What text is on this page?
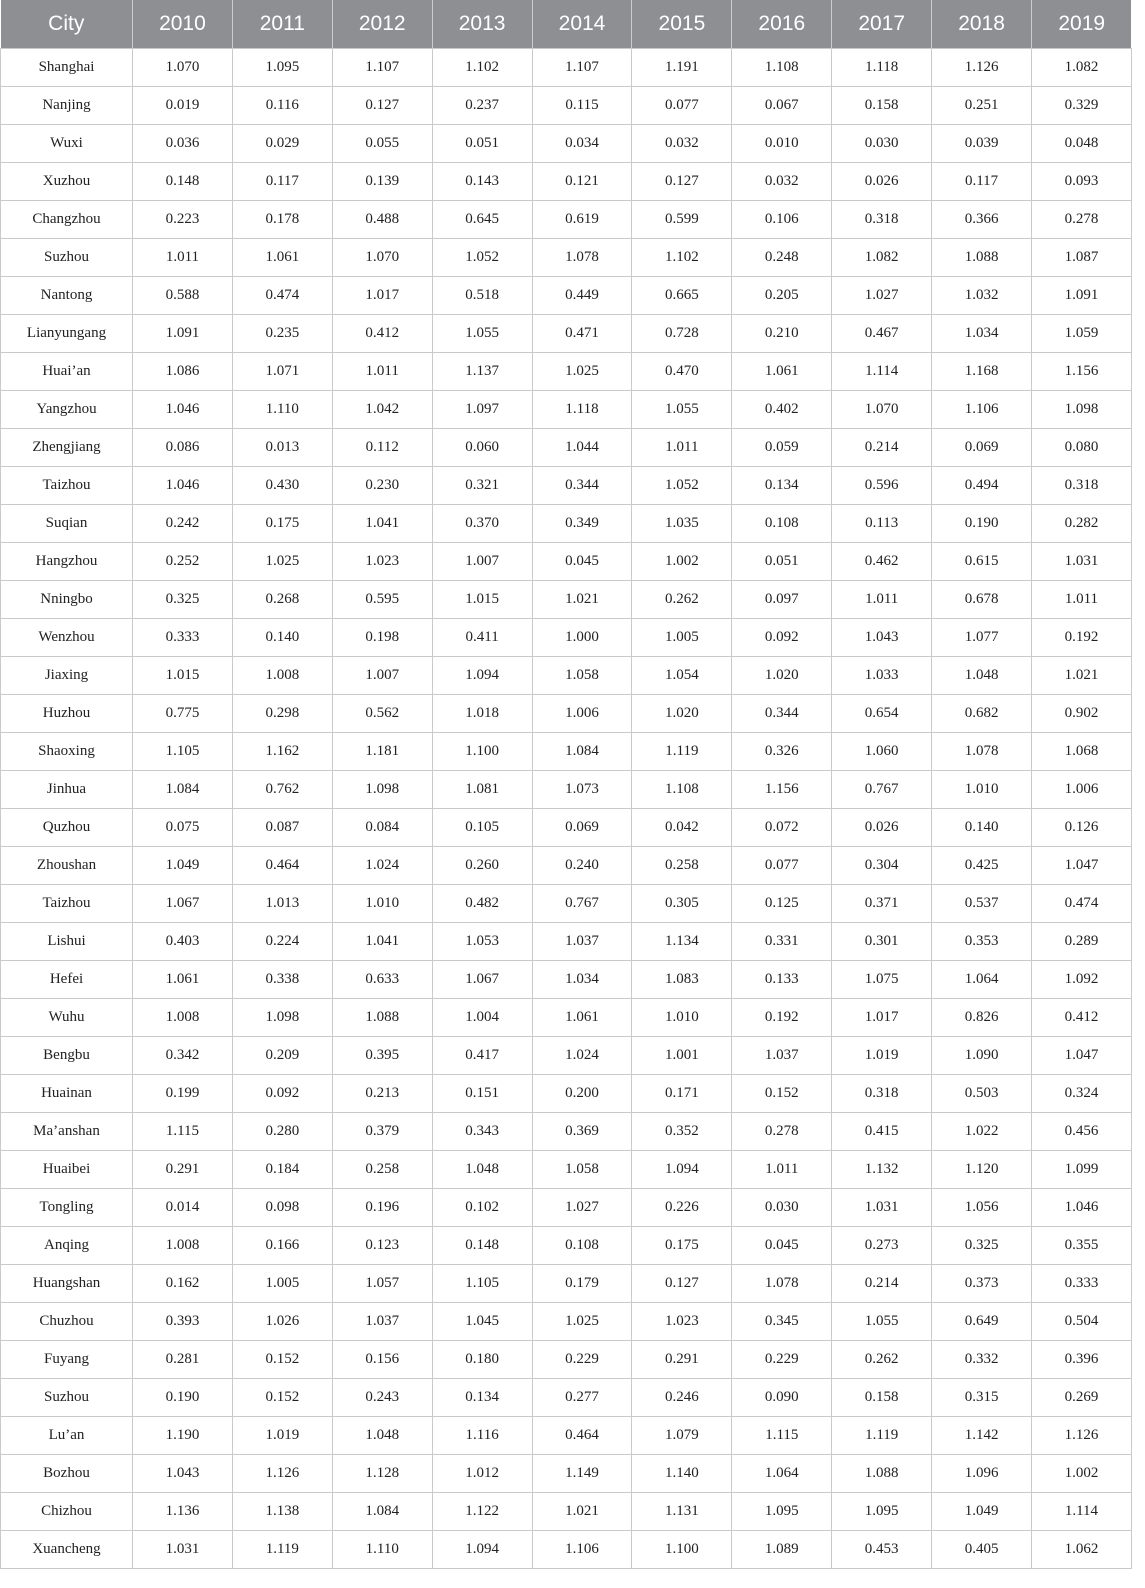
City	2010	2011	2012	2013	2014	2015	2016	2017	2018	2019
Shanghai	1.070	1.095	1.107	1.102	1.107	1.191	1.108	1.118	1.126	1.082
Nanjing	0.019	0.116	0.127	0.237	0.115	0.077	0.067	0.158	0.251	0.329
Wuxi	0.036	0.029	0.055	0.051	0.034	0.032	0.010	0.030	0.039	0.048
Xuzhou	0.148	0.117	0.139	0.143	0.121	0.127	0.032	0.026	0.117	0.093
Changzhou	0.223	0.178	0.488	0.645	0.619	0.599	0.106	0.318	0.366	0.278
Suzhou	1.011	1.061	1.070	1.052	1.078	1.102	0.248	1.082	1.088	1.087
Nantong	0.588	0.474	1.017	0.518	0.449	0.665	0.205	1.027	1.032	1.091
Lianyungang	1.091	0.235	0.412	1.055	0.471	0.728	0.210	0.467	1.034	1.059
Huai’an	1.086	1.071	1.011	1.137	1.025	0.470	1.061	1.114	1.168	1.156
Yangzhou	1.046	1.110	1.042	1.097	1.118	1.055	0.402	1.070	1.106	1.098
Zhengjiang	0.086	0.013	0.112	0.060	1.044	1.011	0.059	0.214	0.069	0.080
Taizhou	1.046	0.430	0.230	0.321	0.344	1.052	0.134	0.596	0.494	0.318
Suqian	0.242	0.175	1.041	0.370	0.349	1.035	0.108	0.113	0.190	0.282
Hangzhou	0.252	1.025	1.023	1.007	0.045	1.002	0.051	0.462	0.615	1.031
Nningbo	0.325	0.268	0.595	1.015	1.021	0.262	0.097	1.011	0.678	1.011
Wenzhou	0.333	0.140	0.198	0.411	1.000	1.005	0.092	1.043	1.077	0.192
Jiaxing	1.015	1.008	1.007	1.094	1.058	1.054	1.020	1.033	1.048	1.021
Huzhou	0.775	0.298	0.562	1.018	1.006	1.020	0.344	0.654	0.682	0.902
Shaoxing	1.105	1.162	1.181	1.100	1.084	1.119	0.326	1.060	1.078	1.068
Jinhua	1.084	0.762	1.098	1.081	1.073	1.108	1.156	0.767	1.010	1.006
Quzhou	0.075	0.087	0.084	0.105	0.069	0.042	0.072	0.026	0.140	0.126
Zhoushan	1.049	0.464	1.024	0.260	0.240	0.258	0.077	0.304	0.425	1.047
Taizhou	1.067	1.013	1.010	0.482	0.767	0.305	0.125	0.371	0.537	0.474
Lishui	0.403	0.224	1.041	1.053	1.037	1.134	0.331	0.301	0.353	0.289
Hefei	1.061	0.338	0.633	1.067	1.034	1.083	0.133	1.075	1.064	1.092
Wuhu	1.008	1.098	1.088	1.004	1.061	1.010	0.192	1.017	0.826	0.412
Bengbu	0.342	0.209	0.395	0.417	1.024	1.001	1.037	1.019	1.090	1.047
Huainan	0.199	0.092	0.213	0.151	0.200	0.171	0.152	0.318	0.503	0.324
Ma’anshan	1.115	0.280	0.379	0.343	0.369	0.352	0.278	0.415	1.022	0.456
Huaibei	0.291	0.184	0.258	1.048	1.058	1.094	1.011	1.132	1.120	1.099
Tongling	0.014	0.098	0.196	0.102	1.027	0.226	0.030	1.031	1.056	1.046
Anqing	1.008	0.166	0.123	0.148	0.108	0.175	0.045	0.273	0.325	0.355
Huangshan	0.162	1.005	1.057	1.105	0.179	0.127	1.078	0.214	0.373	0.333
Chuzhou	0.393	1.026	1.037	1.045	1.025	1.023	0.345	1.055	0.649	0.504
Fuyang	0.281	0.152	0.156	0.180	0.229	0.291	0.229	0.262	0.332	0.396
Suzhou	0.190	0.152	0.243	0.134	0.277	0.246	0.090	0.158	0.315	0.269
Lu’an	1.190	1.019	1.048	1.116	0.464	1.079	1.115	1.119	1.142	1.126
Bozhou	1.043	1.126	1.128	1.012	1.149	1.140	1.064	1.088	1.096	1.002
Chizhou	1.136	1.138	1.084	1.122	1.021	1.131	1.095	1.095	1.049	1.114
Xuancheng	1.031	1.119	1.110	1.094	1.106	1.100	1.089	0.453	0.405	1.062
